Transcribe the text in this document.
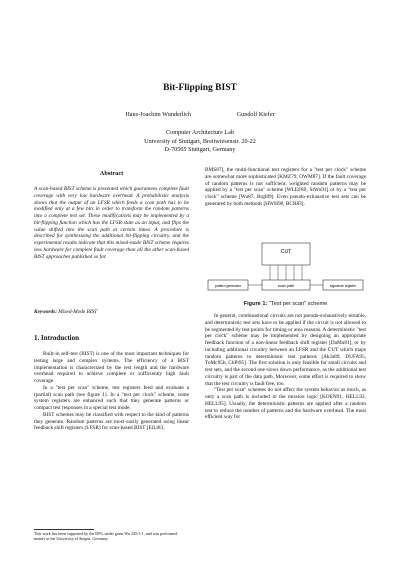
Bit-Flipping BIST
Hans-Joachim Wunderlich	Gundolf Kiefer
Computer Architecture Lab
University of Stuttgart, Breitwiesenstr. 20-22
D-70565 Stuttgart, Germany
Abstract
A scan-based BIST scheme is presented which guarantees complete fault coverage with very low hardware overhead. A probabilistic analysis shows that the output of an LFSR which feeds a scan path has to be modified only at a few bits in order to transform the random patterns into a complete test set. These modifications may be implemented by a bit-flipping function which has the LFSR-state as an input, and flips the value shifted into the scan path at certain times. A procedure is described for synthesizing the additional bit-flipping circuitry, and the experimental results indicate that this mixed-mode BIST scheme requires less hardware for complete fault coverage than all the other scan-based BIST approaches published so far.
Keywords: Mixed-Mode BIST
1. Introduction

Built-in self-test (BIST) is one of the most important techniques for testing large and complex systems. The efficiency of a BIST implementation is characterized by the test length and the hardware overhead required to achieve complete or sufficiently high fault coverage.

In a "test per scan" scheme, test registers feed and evaluate a (partial) scan path (see figure 1). In a "test per clock" scheme, some system registers are enhanced such that they generate patterns or compact test responses in a special test mode.

BIST schemes may be classified with respect to the kind of patterns they generate. Random patterns are most easily generated using linear feedback shift registers (LFSR) for scan-based BIST [EiLi83,

This work has been supported by the DFG under grant Wu 245/1-1, and was performed mainly at the University of Siegen, Germany.
BMS87], the multi-functional test registers for a "test per clock" scheme are somewhat more sophisticated [KMZ79, OWM87]. If the fault coverage of random patterns is not sufficient, weighted random patterns may be applied by a "test per scan" scheme [WLEF89, StWu91] or by a "test per clock" scheme [Wu87, Brgl89]. Even pseudo-exhaustive test sets can be generated by both methods [HWH90, BCR83].
CUT
pattern generator	scan path	signature register
Figure 1: "Test per scan" scheme

In general, combinational circuits are not pseudo-exhaustively testable, and deterministic test sets have to be applied if the circuit is not allowed to be segmented by test points for timing or area reasons. A deterministic "test per clock" scheme may be implemented by designing an appropriate feedback function of a non-linear feedback shift register [DaMu81], or by including additional circuitry between an LFSR and the CUT which maps random patterns to deterministic test patterns [AkJa89, DUFA95, ToMc95b, ChPi95]. The first solution is only feasible for small circuits and test sets, and the second one slows down performance, as the additional test circuitry is part of the data path. Moreover, some effort is required to show that the test circuitry is fault free, too.

"Test per scan" schemes do not affect the system behavior as much, as only a scan path is included in the mission logic [KOEN91, HELL92, HELL95]. Usually, the deterministic patterns are applied after a random test to reduce the number of patterns and the hardware overhead. The most efficient way for
